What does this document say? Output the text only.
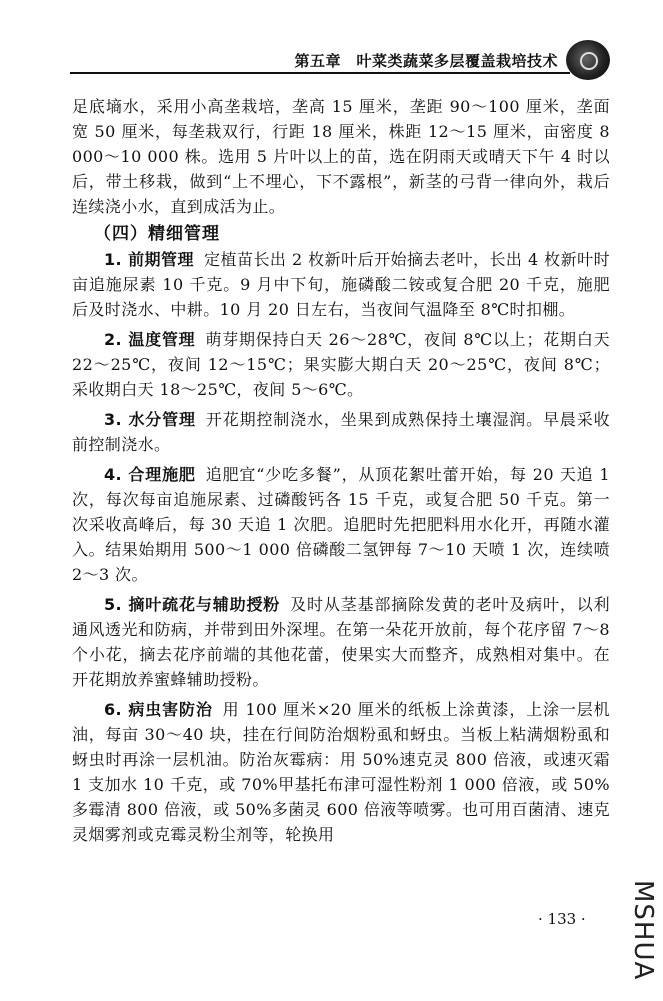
第五章　叶菜类蔬菜多层覆盖栽培技术

足底墒水，采用小高垄栽培，垄高 15 厘米，垄距 90～100 厘米，垄面宽 50 厘米，每垄栽双行，行距 18 厘米，株距 12～15 厘米，亩密度 8 000～10 000 株。选用 5 片叶以上的苗，选在阴雨天或晴天下午 4 时以后，带土移栽，做到“上不埋心，下不露根”，新茎的弓背一律向外，栽后连续浇小水，直到成活为止。

（四）精细管理

1. 前期管理 定植苗长出 2 枚新叶后开始摘去老叶，长出 4 枚新叶时亩追施尿素 10 千克。9 月中下旬，施磷酸二铵或复合肥 20 千克，施肥后及时浇水、中耕。10 月 20 日左右，当夜间气温降至 8℃时扣棚。

2. 温度管理 萌芽期保持白天 26～28℃，夜间 8℃以上；花期白天 22～25℃，夜间 12～15℃；果实膨大期白天 20～25℃，夜间 8℃；采收期白天 18～25℃，夜间 5～6℃。

3. 水分管理 开花期控制浇水，坐果到成熟保持土壤湿润。早晨采收前控制浇水。

4. 合理施肥 追肥宜“少吃多餐”，从顶花絮吐蕾开始，每 20 天追 1 次，每次每亩追施尿素、过磷酸钙各 15 千克，或复合肥 50 千克。第一次采收高峰后，每 30 天追 1 次肥。追肥时先把肥料用水化开，再随水灌入。结果始期用 500～1 000 倍磷酸二氢钾每 7～10 天喷 1 次，连续喷 2～3 次。

5. 摘叶疏花与辅助授粉 及时从茎基部摘除发黄的老叶及病叶，以利通风透光和防病，并带到田外深埋。在第一朵花开放前，每个花序留 7～8 个小花，摘去花序前端的其他花蕾，使果实大而整齐，成熟相对集中。在开花期放养蜜蜂辅助授粉。

6. 病虫害防治 用 100 厘米×20 厘米的纸板上涂黄漆，上涂一层机油，每亩 30～40 块，挂在行间防治烟粉虱和蚜虫。当板上粘满烟粉虱和蚜虫时再涂一层机油。防治灰霉病：用 50%速克灵 800 倍液，或速灭霜 1 支加水 10 千克，或 70%甲基托布津可湿性粉剂 1 000 倍液，或 50%多霉清 800 倍液，或 50%多菌灵 600 倍液等喷雾。也可用百菌清、速克灵烟雾剂或克霉灵粉尘剂等，轮换用

· 133 · MSHUA
